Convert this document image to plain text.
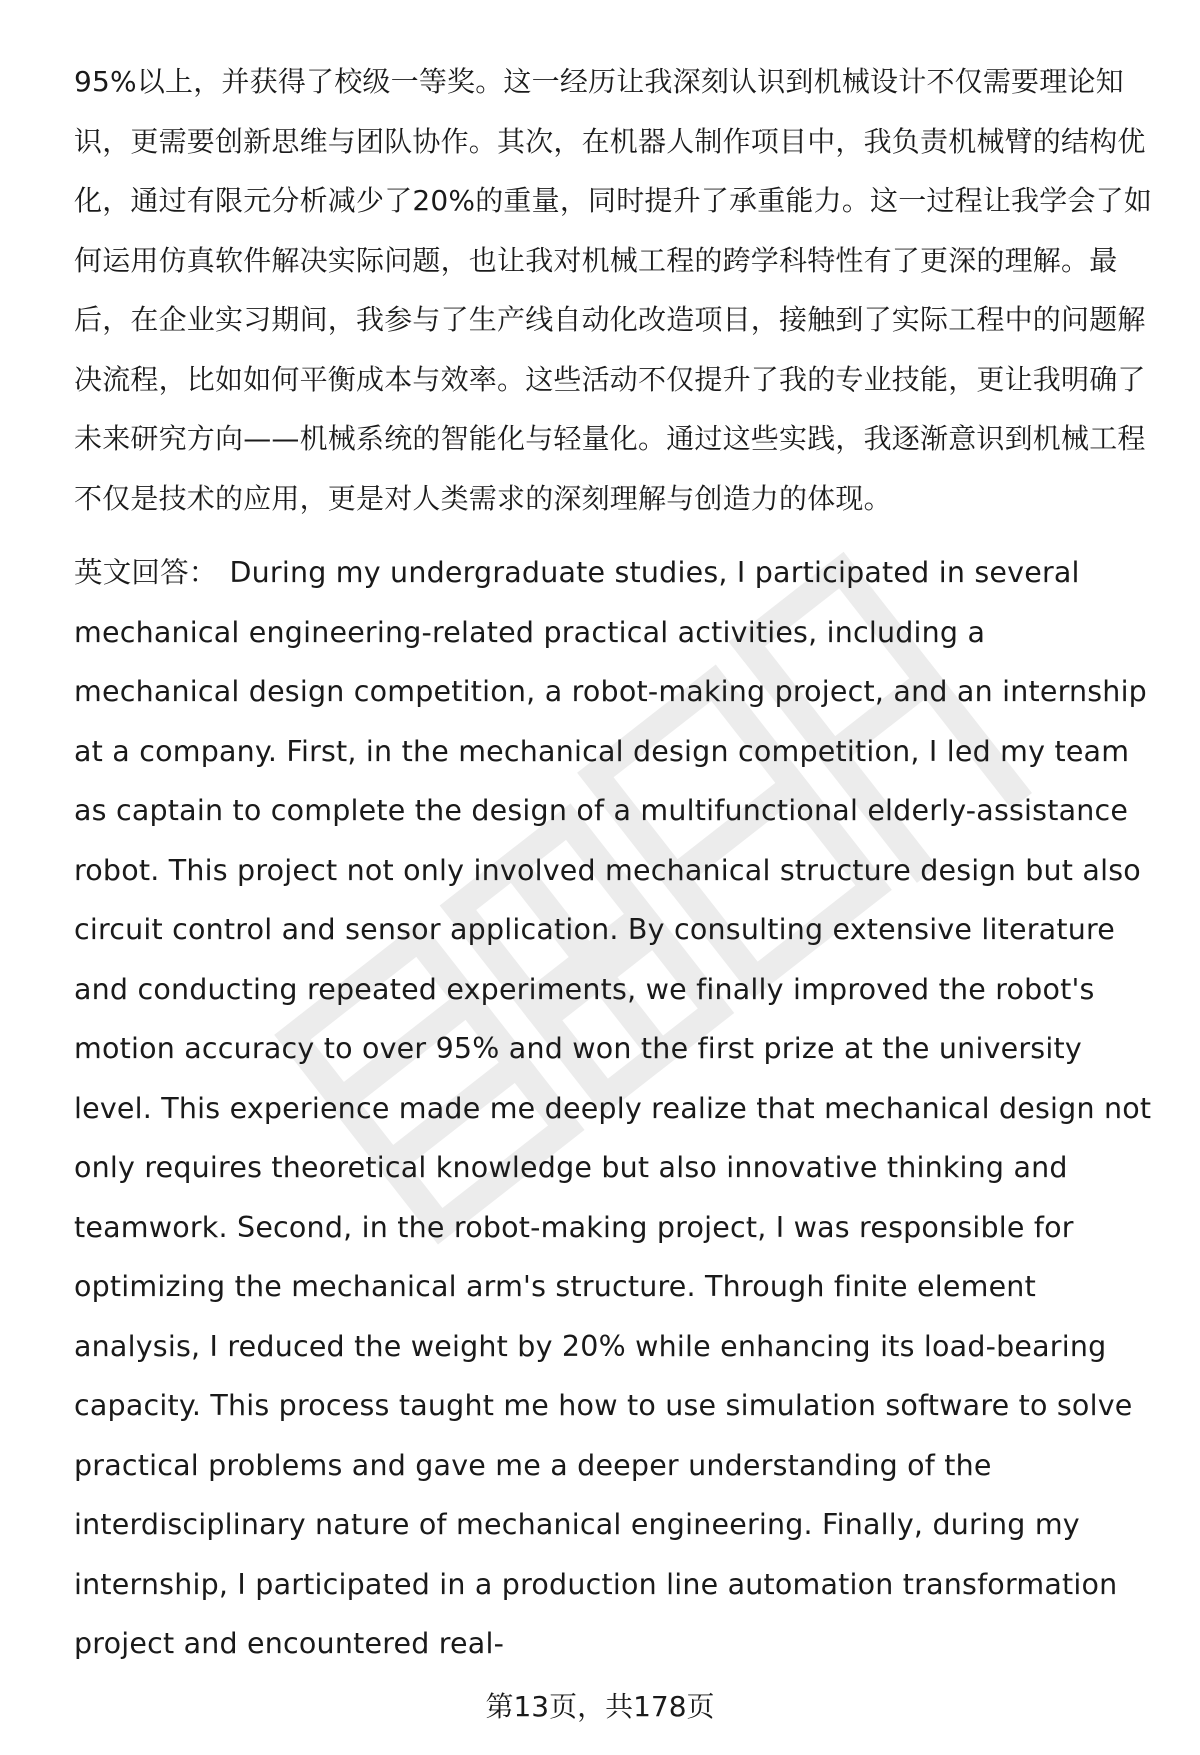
95%以上，并获得了校级一等奖。这一经历让我深刻认识到机械设计不仅需要理论知识，更需要创新思维与团队协作。其次，在机器人制作项目中，我负责机械臂的结构优化，通过有限元分析减少了20%的重量，同时提升了承重能力。这一过程让我学会了如何运用仿真软件解决实际问题，也让我对机械工程的跨学科特性有了更深的理解。最后，在企业实习期间，我参与了生产线自动化改造项目，接触到了实际工程中的问题解决流程，比如如何平衡成本与效率。这些活动不仅提升了我的专业技能，更让我明确了未来研究方向——机械系统的智能化与轻量化。通过这些实践，我逐渐意识到机械工程不仅是技术的应用，更是对人类需求的深刻理解与创造力的体现。

英文回答： During my undergraduate studies, I participated in several mechanical engineering-related practical activities, including a mechanical design competition, a robot-making project, and an internship at a company. First, in the mechanical design competition, I led my team as captain to complete the design of a multifunctional elderly-assistance robot. This project not only involved mechanical structure design but also circuit control and sensor application. By consulting extensive literature and conducting repeated experiments, we finally improved the robot's motion accuracy to over 95% and won the first prize at the university level. This experience made me deeply realize that mechanical design not only requires theoretical knowledge but also innovative thinking and teamwork. Second, in the robot-making project, I was responsible for optimizing the mechanical arm's structure. Through finite element analysis, I reduced the weight by 20% while enhancing its load-bearing capacity. This process taught me how to use simulation software to solve practical problems and gave me a deeper understanding of the interdisciplinary nature of mechanical engineering. Finally, during my internship, I participated in a production line automation transformation project and encountered real-

第13页，共178页
